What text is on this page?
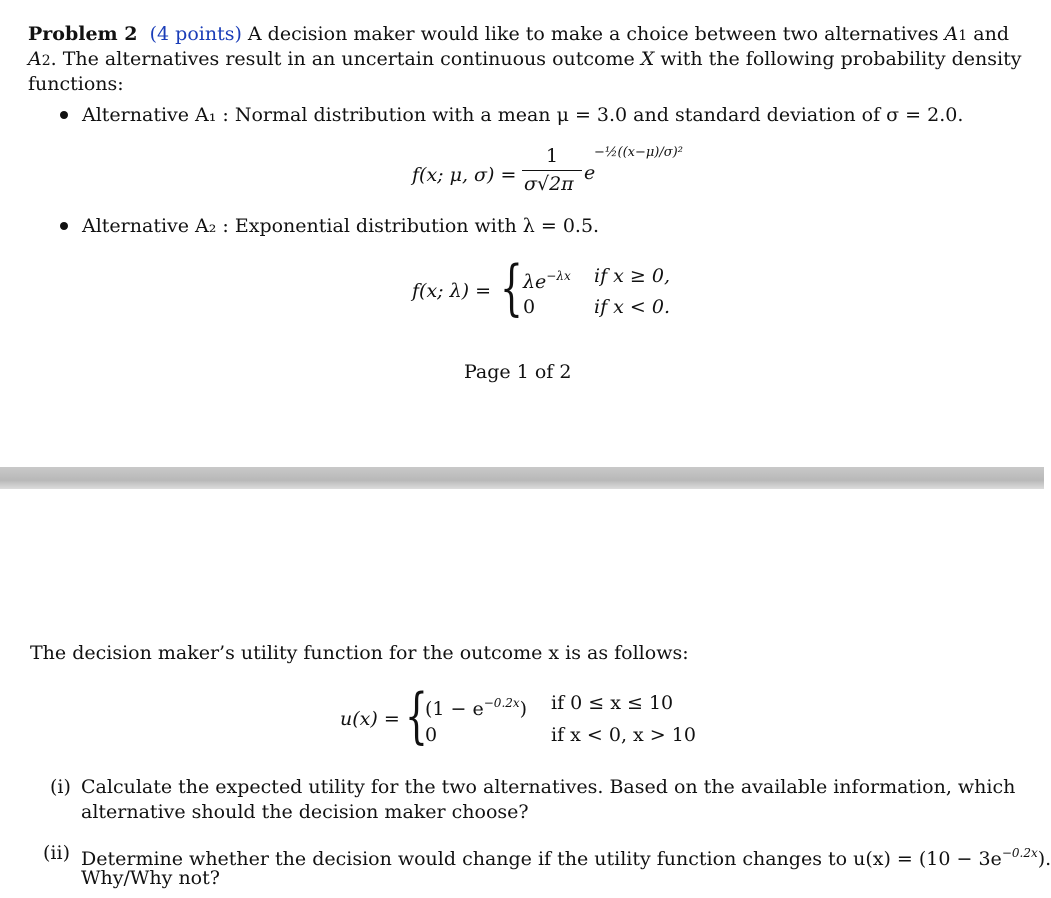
Problem 2 (4 points) A decision maker would like to make a choice between two alternatives A1 and
A2. The alternatives result in an uncertain continuous outcome X with the following probability density
functions:
Alternative A₁ : Normal distribution with a mean μ = 3.0 and standard deviation of σ = 2.0.
f(x; μ, σ) =
1
σ√2π e
−½((x−μ)/σ)²
Alternative A₂ : Exponential distribution with λ = 0.5.
f(x; λ) = { $\lambda e^{-\lambda x}$ if x ≥ 0,
0	if x < 0.
Page 1 of 2
The decision maker’s utility function for the outcome x is as follows:
u(x) = {
$(1 - e^{-0.2x})$ if 0 ≤ x ≤ 10
0	if x < 0, x > 10
(i) Calculate the expected utility for the two alternatives. Based on the available information, which
alternative should the decision maker choose?
(ii) Determine whether the decision would change if the utility function changes to $u(x) = (10 - 3e^{-0.2x})$.
Why/Why not?
